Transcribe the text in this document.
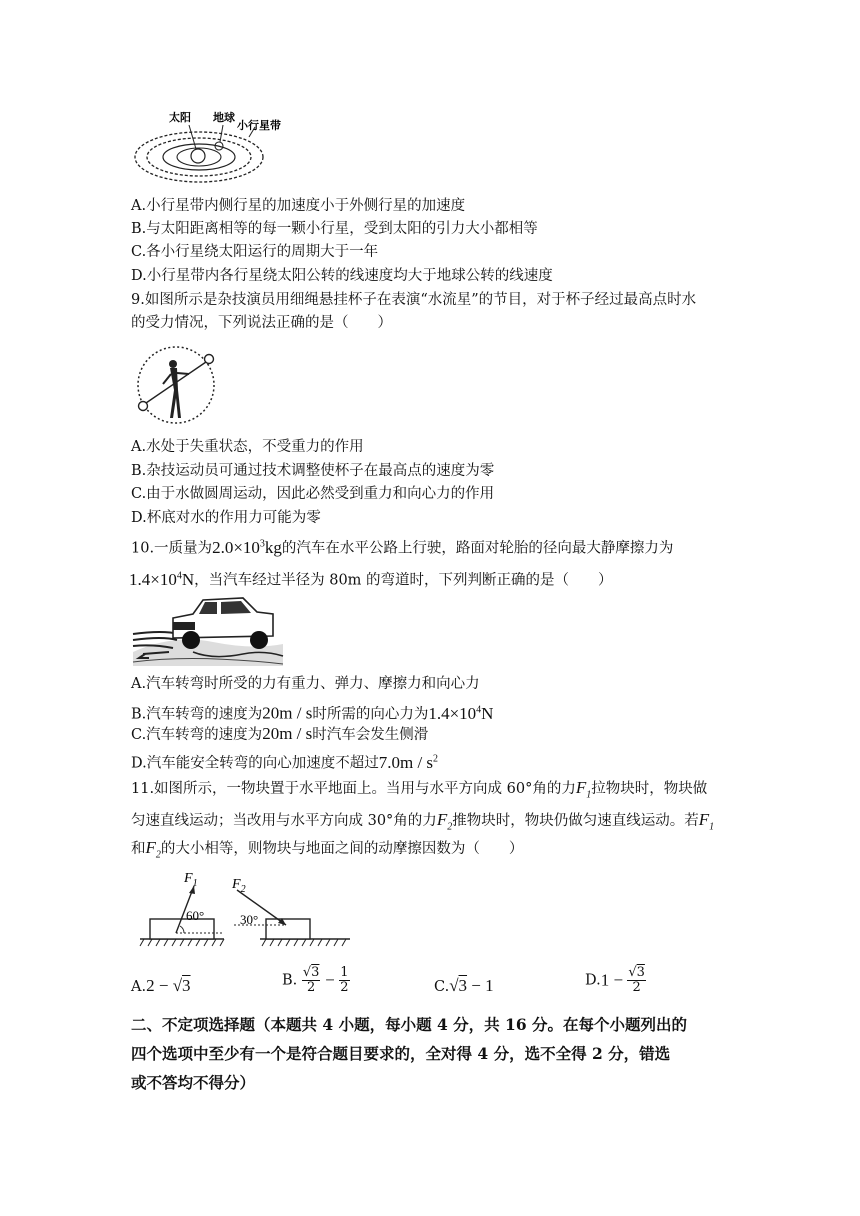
太阳 地球
小行星带
A.小行星带内侧行星的加速度小于外侧行星的加速度
B.与太阳距离相等的每一颗小行星，受到太阳的引力大小都相等
C.各小行星绕太阳运行的周期大于一年
D.小行星带内各行星绕太阳公转的线速度均大于地球公转的线速度
9.如图所示是杂技演员用细绳悬挂杯子在表演“水流星”的节目，对于杯子经过最高点时水
的受力情况，下列说法正确的是（　　）
A.水处于失重状态，不受重力的作用
B.杂技运动员可通过技术调整使杯子在最高点的速度为零
C.由于水做圆周运动，因此必然受到重力和向心力的作用
D.杯底对水的作用力可能为零
10.一质量为$2.0\times 10^3kg$的汽车在水平公路上行驶，路面对轮胎的径向最大静摩擦力为
$1.4\times 10^4N$，当汽车经过半径为 80m 的弯道时，下列判断正确的是（　　）
A.汽车转弯时所受的力有重力、弹力、摩擦力和向心力
B.汽车转弯的速度为20m / s时所需的向心力为$1.4\times 10^4N$
C.汽车转弯的速度为20m / s时汽车会发生侧滑
D.汽车能安全转弯的向心加速度不超过$7.0m / s^2$
11.如图所示，一物块置于水平地面上。当用与水平方向成 60°角的力$F_1$拉物块时，物块做
匀速直线运动；当改用与水平方向成 30°角的力$F_2$推物块时，物块仍做匀速直线运动。若$F_1$
和$F_2$的大小相等，则物块与地面之间的动摩擦因数为（　　）
$F_1$
60°
$F_2$
30°
A.2 − √3	B. $\frac{√3}{2} - \frac{1}{2}$	C.√3 − 1	$D.1 - \frac{√3}{2}$
二、不定项选择题（本题共 4 小题，每小题 4 分，共 16 分。在每个小题列出的
四个选项中至少有一个是符合题目要求的，全对得 4 分，选不全得 2 分，错选
或不答均不得分）
